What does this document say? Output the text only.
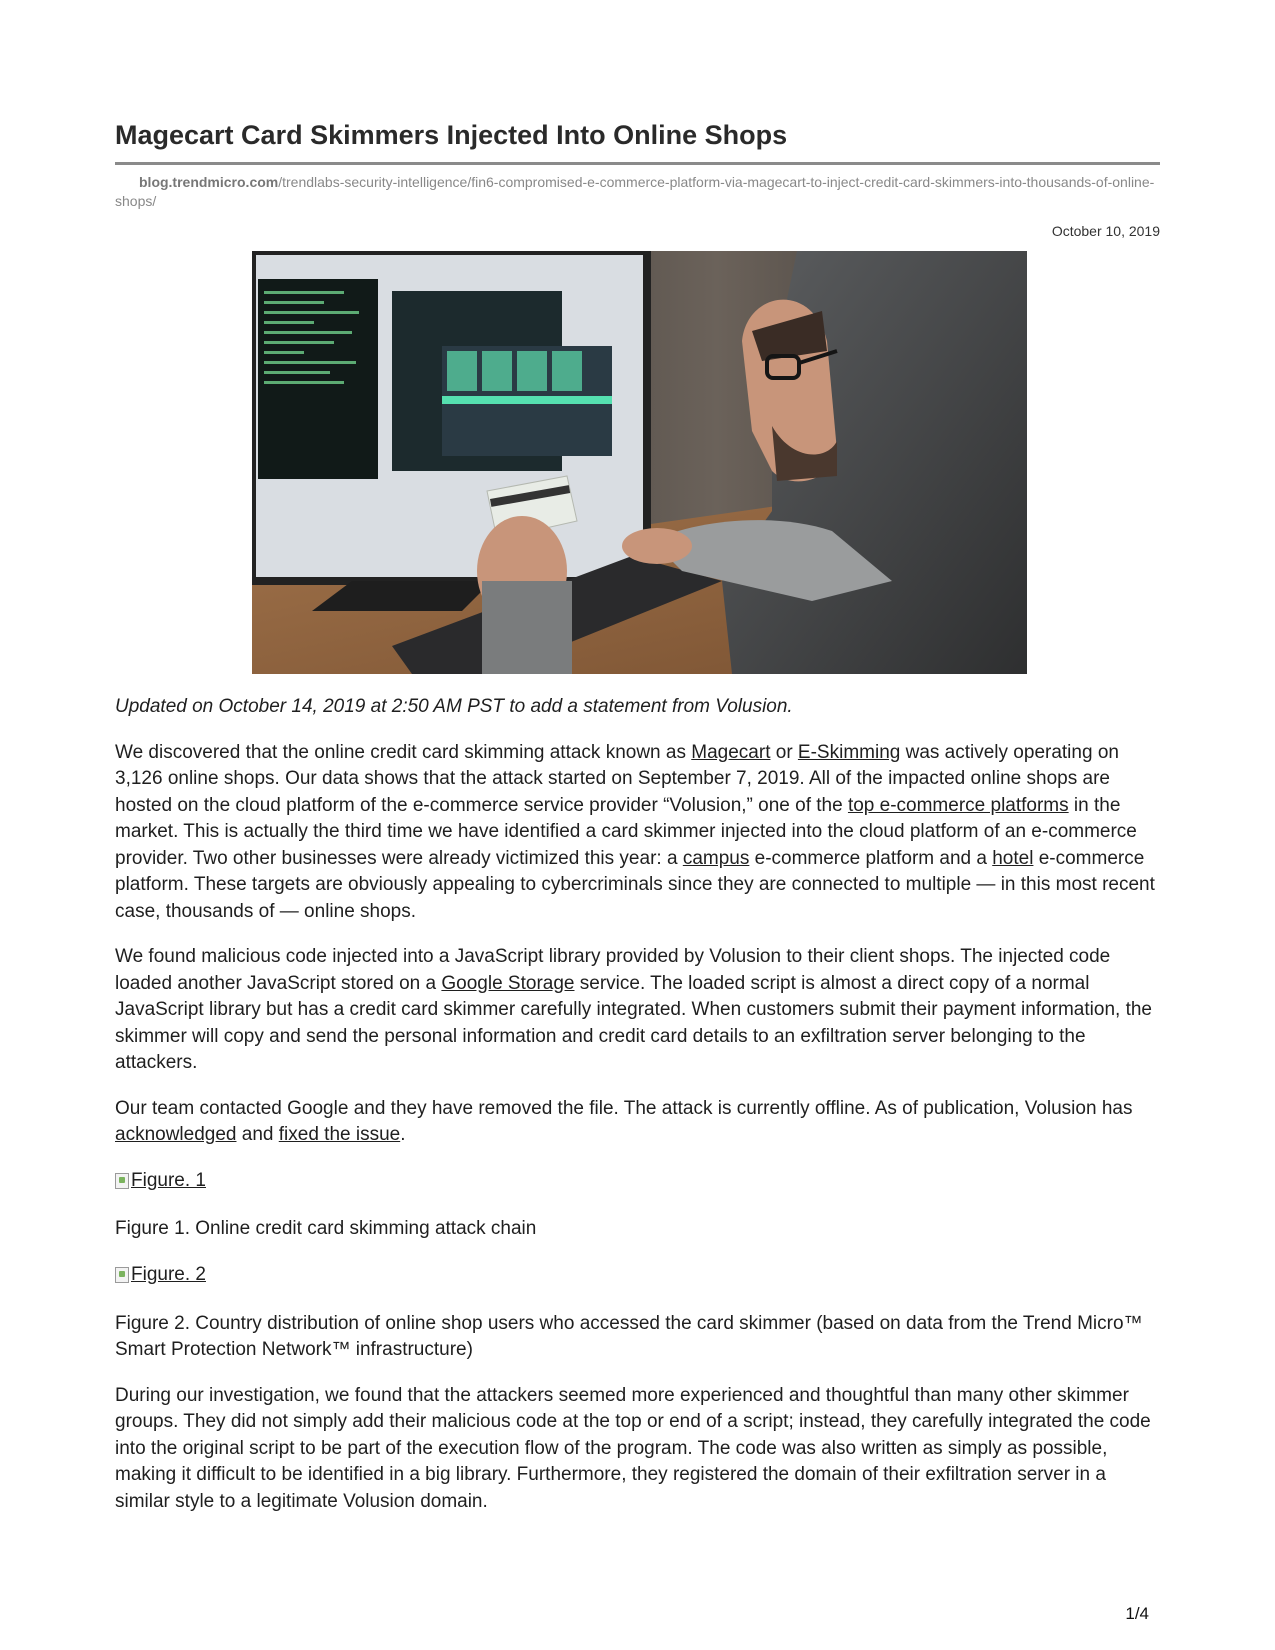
Magecart Card Skimmers Injected Into Online Shops
blog.trendmicro.com/trendlabs-security-intelligence/fin6-compromised-e-commerce-platform-via-magecart-to-inject-credit-card-skimmers-into-thousands-of-online-shops/
October 10, 2019

Updated on October 14, 2019 at 2:50 AM PST to add a statement from Volusion.

We discovered that the online credit card skimming attack known as Magecart or E-Skimming was actively operating on 3,126 online shops. Our data shows that the attack started on September 7, 2019. All of the impacted online shops are hosted on the cloud platform of the e-commerce service provider “Volusion,” one of the top e-commerce platforms in the market. This is actually the third time we have identified a card skimmer injected into the cloud platform of an e-commerce provider. Two other businesses were already victimized this year: a campus e-commerce platform and a hotel e-commerce platform. These targets are obviously appealing to cybercriminals since they are connected to multiple — in this most recent case, thousands of — online shops.

We found malicious code injected into a JavaScript library provided by Volusion to their client shops. The injected code loaded another JavaScript stored on a Google Storage service. The loaded script is almost a direct copy of a normal JavaScript library but has a credit card skimmer carefully integrated. When customers submit their payment information, the skimmer will copy and send the personal information and credit card details to an exfiltration server belonging to the attackers.

Our team contacted Google and they have removed the file. The attack is currently offline. As of publication, Volusion has acknowledged and fixed the issue.

Figure. 1

Figure 1. Online credit card skimming attack chain

Figure. 2

Figure 2. Country distribution of online shop users who accessed the card skimmer (based on data from the Trend Micro™ Smart Protection Network™ infrastructure)

During our investigation, we found that the attackers seemed more experienced and thoughtful than many other skimmer groups. They did not simply add their malicious code at the top or end of a script; instead, they carefully integrated the code into the original script to be part of the execution flow of the program. The code was also written as simply as possible, making it difficult to be identified in a big library. Furthermore, they registered the domain of their exfiltration server in a similar style to a legitimate Volusion domain.

1/4
